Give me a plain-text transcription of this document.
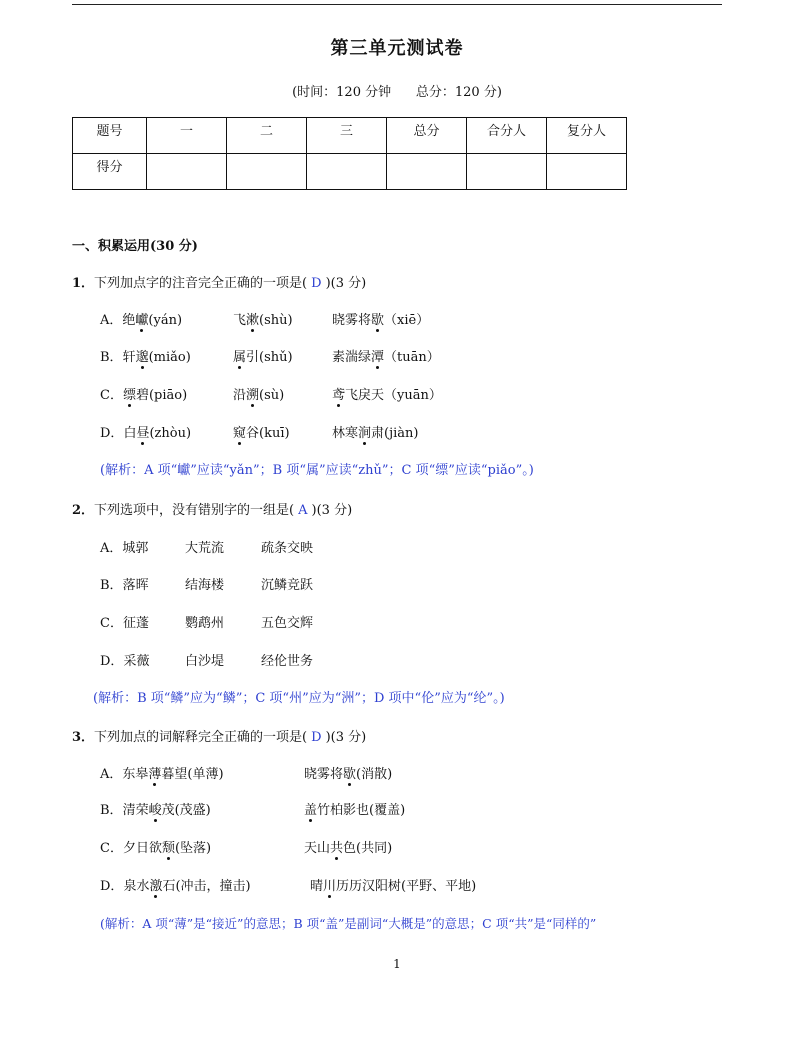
第三单元测试卷
(时间：120 分钟      总分：120 分)
题号	一	二	三	总分	合分人	复分人
得分						
一、积累运用(30 分)
1．下列加点字的注音完全正确的一项是( D )(3 分)
A．绝巘(yán)	飞漱(shù)	晓雾将歇（xiē）
B．轩邈(miǎo)	属引(shǔ)	素湍绿潭（tuān）
C．缥碧(piāo)	沿溯(sù)	鸢飞戾天（yuān）
D．白昼(zhòu)	窥谷(kuī)	林寒涧肃(jiàn)
(解析：A 项“巘”应读“yǎn”；B 项“属”应读“zhǔ”；C 项“缥”应读“piǎo”。)
2．下列选项中，没有错别字的一组是( A )(3 分)
A．城郭	大荒流	疏条交映
B．落晖	结海楼	沉鳞竞跃
C．征蓬	鹦鹉州	五色交辉
D．采薇	白沙堤	经伦世务
(解析：B 项“鳞”应为“鳞”；C 项“州”应为“洲”；D 项中“伦”应为“纶”。)
3．下列加点的词解释完全正确的一项是( D )(3 分)
A．东皋薄暮望(单薄)	晓雾将歇(消散)
B．清荣峻茂(茂盛)	盖竹柏影也(覆盖)
C．夕日欲颓(坠落)	天山共色(共同)
D．泉水激石(冲击，撞击)	晴川历历汉阳树(平野、平地)
(解析：A 项“薄”是“接近”的意思；B 项“盖”是副词“大概是”的意思；C 项“共”是“同样的”
1
